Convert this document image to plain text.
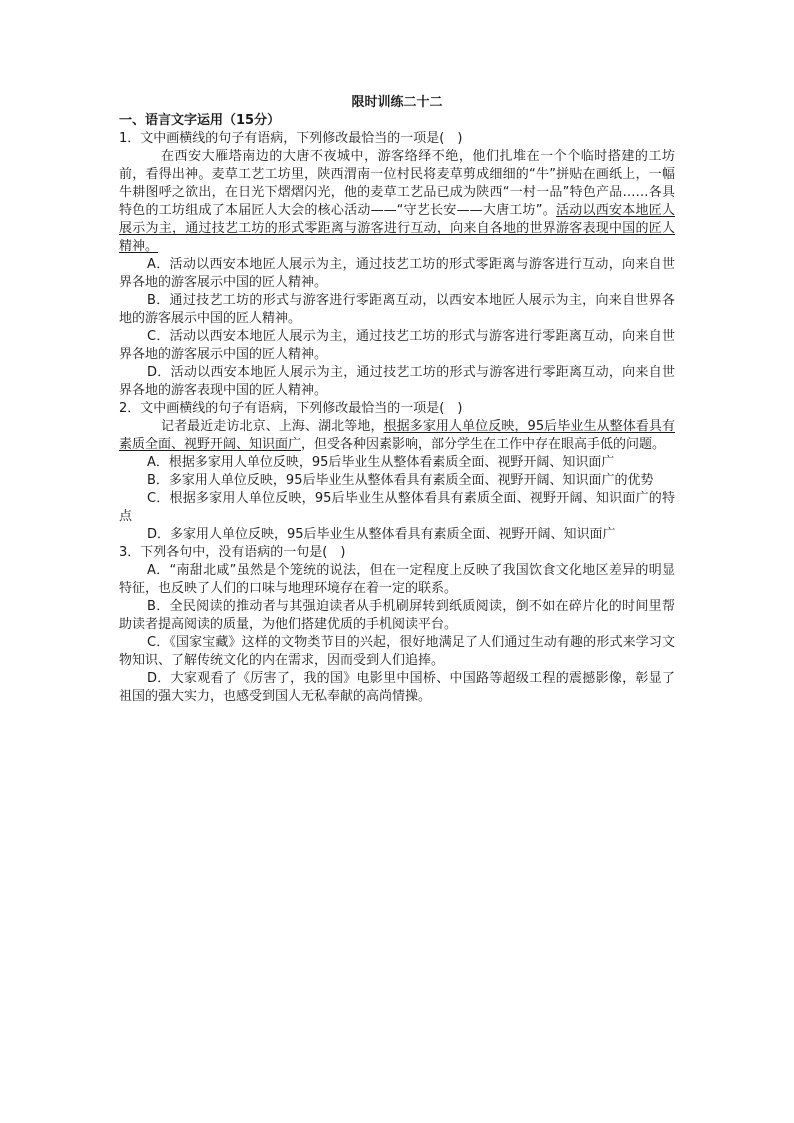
限时训练二十二

一、语言文字运用（15分）

1．文中画横线的句子有语病，下列修改最恰当的一项是(　)

在西安大雁塔南边的大唐不夜城中，游客络绎不绝，他们扎堆在一个个临时搭建的工坊前，看得出神。麦草工艺工坊里，陕西渭南一位村民将麦草剪成细细的“牛”拼贴在画纸上，一幅牛耕图呼之欲出，在日光下熠熠闪光，他的麦草工艺品已成为陕西“一村一品”特色产品……各具特色的工坊组成了本届匠人大会的核心活动——“守艺长安——大唐工坊”。活动以西安本地匠人展示为主，通过技艺工坊的形式零距离与游客进行互动，向来自各地的世界游客表现中国的匠人精神。

A．活动以西安本地匠人展示为主，通过技艺工坊的形式零距离与游客进行互动，向来自世界各地的游客展示中国的匠人精神。

B．通过技艺工坊的形式与游客进行零距离互动，以西安本地匠人展示为主，向来自世界各地的游客展示中国的匠人精神。

C．活动以西安本地匠人展示为主，通过技艺工坊的形式与游客进行零距离互动，向来自世界各地的游客展示中国的匠人精神。

D．活动以西安本地匠人展示为主，通过技艺工坊的形式与游客进行零距离互动，向来自世界各地的游客表现中国的匠人精神。

2．文中画横线的句子有语病，下列修改最恰当的一项是(　)

记者最近走访北京、上海、湖北等地，根据多家用人单位反映，95后毕业生从整体看具有素质全面、视野开阔、知识面广，但受各种因素影响，部分学生在工作中存在眼高手低的问题。

A．根据多家用人单位反映，95后毕业生从整体看素质全面、视野开阔、知识面广

B．多家用人单位反映，95后毕业生从整体看具有素质全面、视野开阔、知识面广的优势

C．根据多家用人单位反映，95后毕业生从整体看具有素质全面、视野开阔、知识面广的特点

D．多家用人单位反映，95后毕业生从整体看具有素质全面、视野开阔、知识面广

3．下列各句中，没有语病的一句是(　)

A．“南甜北咸”虽然是个笼统的说法，但在一定程度上反映了我国饮食文化地区差异的明显特征，也反映了人们的口味与地理环境存在着一定的联系。

B．全民阅读的推动者与其强迫读者从手机刷屏转到纸质阅读，倒不如在碎片化的时间里帮助读者提高阅读的质量，为他们搭建优质的手机阅读平台。

C．《国家宝藏》这样的文物类节目的兴起，很好地满足了人们通过生动有趣的形式来学习文物知识、了解传统文化的内在需求，因而受到人们追捧。

D．大家观看了《厉害了，我的国》电影里中国桥、中国路等超级工程的震撼影像，彰显了祖国的强大实力，也感受到国人无私奉献的高尚情操。
